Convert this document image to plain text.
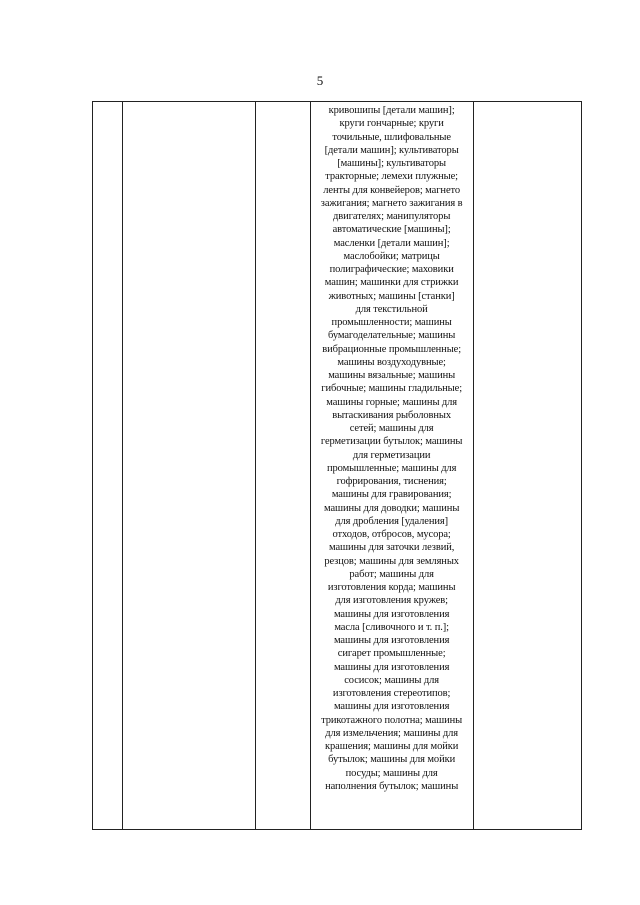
5

кривошипы [детали машин];
круги гончарные; круги
точильные, шлифовальные
[детали машин]; культиваторы
[машины]; культиваторы
тракторные; лемехи плужные;
ленты для конвейеров; магнето
зажигания; магнето зажигания в
двигателях; манипуляторы
автоматические [машины];
масленки [детали машин];
маслобойки; матрицы
полиграфические; маховики
машин; машинки для стрижки
животных; машины [станки]
для текстильной
промышленности; машины
бумагоделательные; машины
вибрационные промышленные;
машины воздуходувные;
машины вязальные; машины
гибочные; машины гладильные;
машины горные; машины для
вытаскивания рыболовных
сетей; машины для
герметизации бутылок; машины
для герметизации
промышленные; машины для
гофрирования, тиснения;
машины для гравирования;
машины для доводки; машины
для дробления [удаления]
отходов, отбросов, мусора;
машины для заточки лезвий,
резцов; машины для земляных
работ; машины для
изготовления корда; машины
для изготовления кружев;
машины для изготовления
масла [сливочного и т. п.];
машины для изготовления
сигарет промышленные;
машины для изготовления
сосисок; машины для
изготовления стереотипов;
машины для изготовления
трикотажного полотна; машины
для измельчения; машины для
крашения; машины для мойки
бутылок; машины для мойки
посуды; машины для
наполнения бутылок; машины
